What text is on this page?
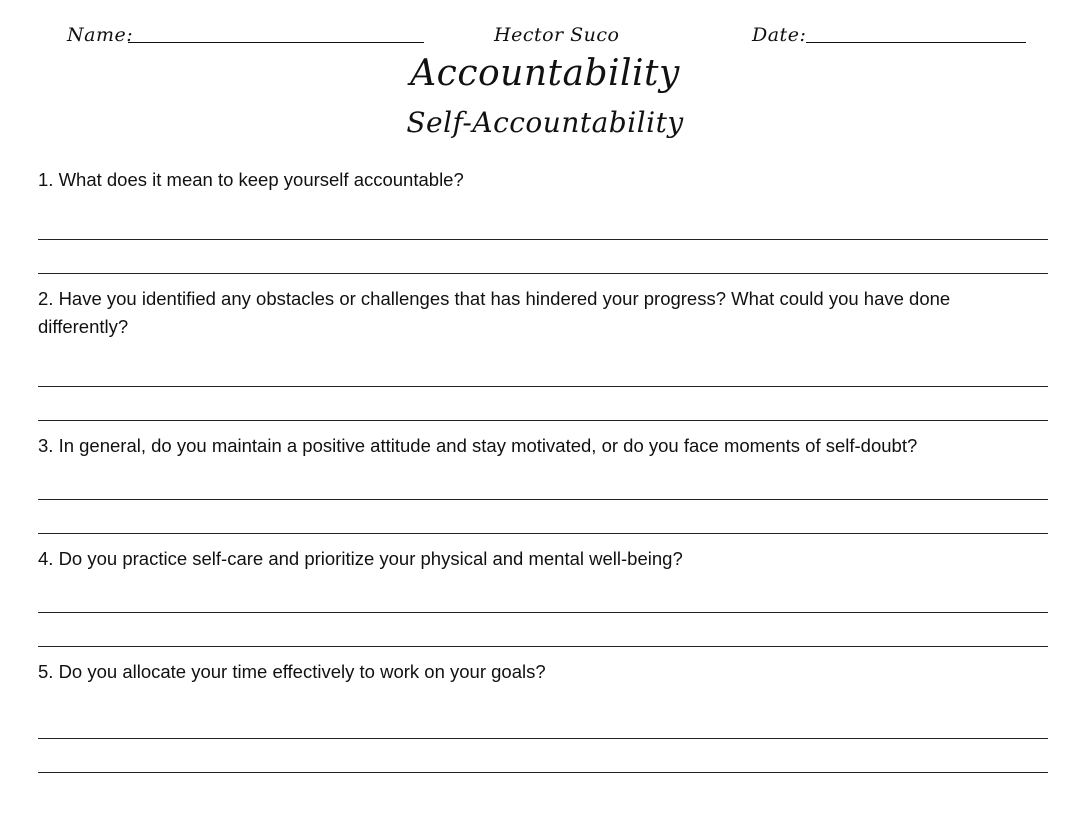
Name:	Hector Suco	Date:
Accountability
Self-Accountability
1. What does it mean to keep yourself accountable?
2. Have you identified any obstacles or challenges that has hindered your progress? What could you have done differently?
3. In general, do you maintain a positive attitude and stay motivated, or do you face moments of self-doubt?
4. Do you practice self-care and prioritize your physical and mental well-being?
5. Do you allocate your time effectively to work on your goals?
